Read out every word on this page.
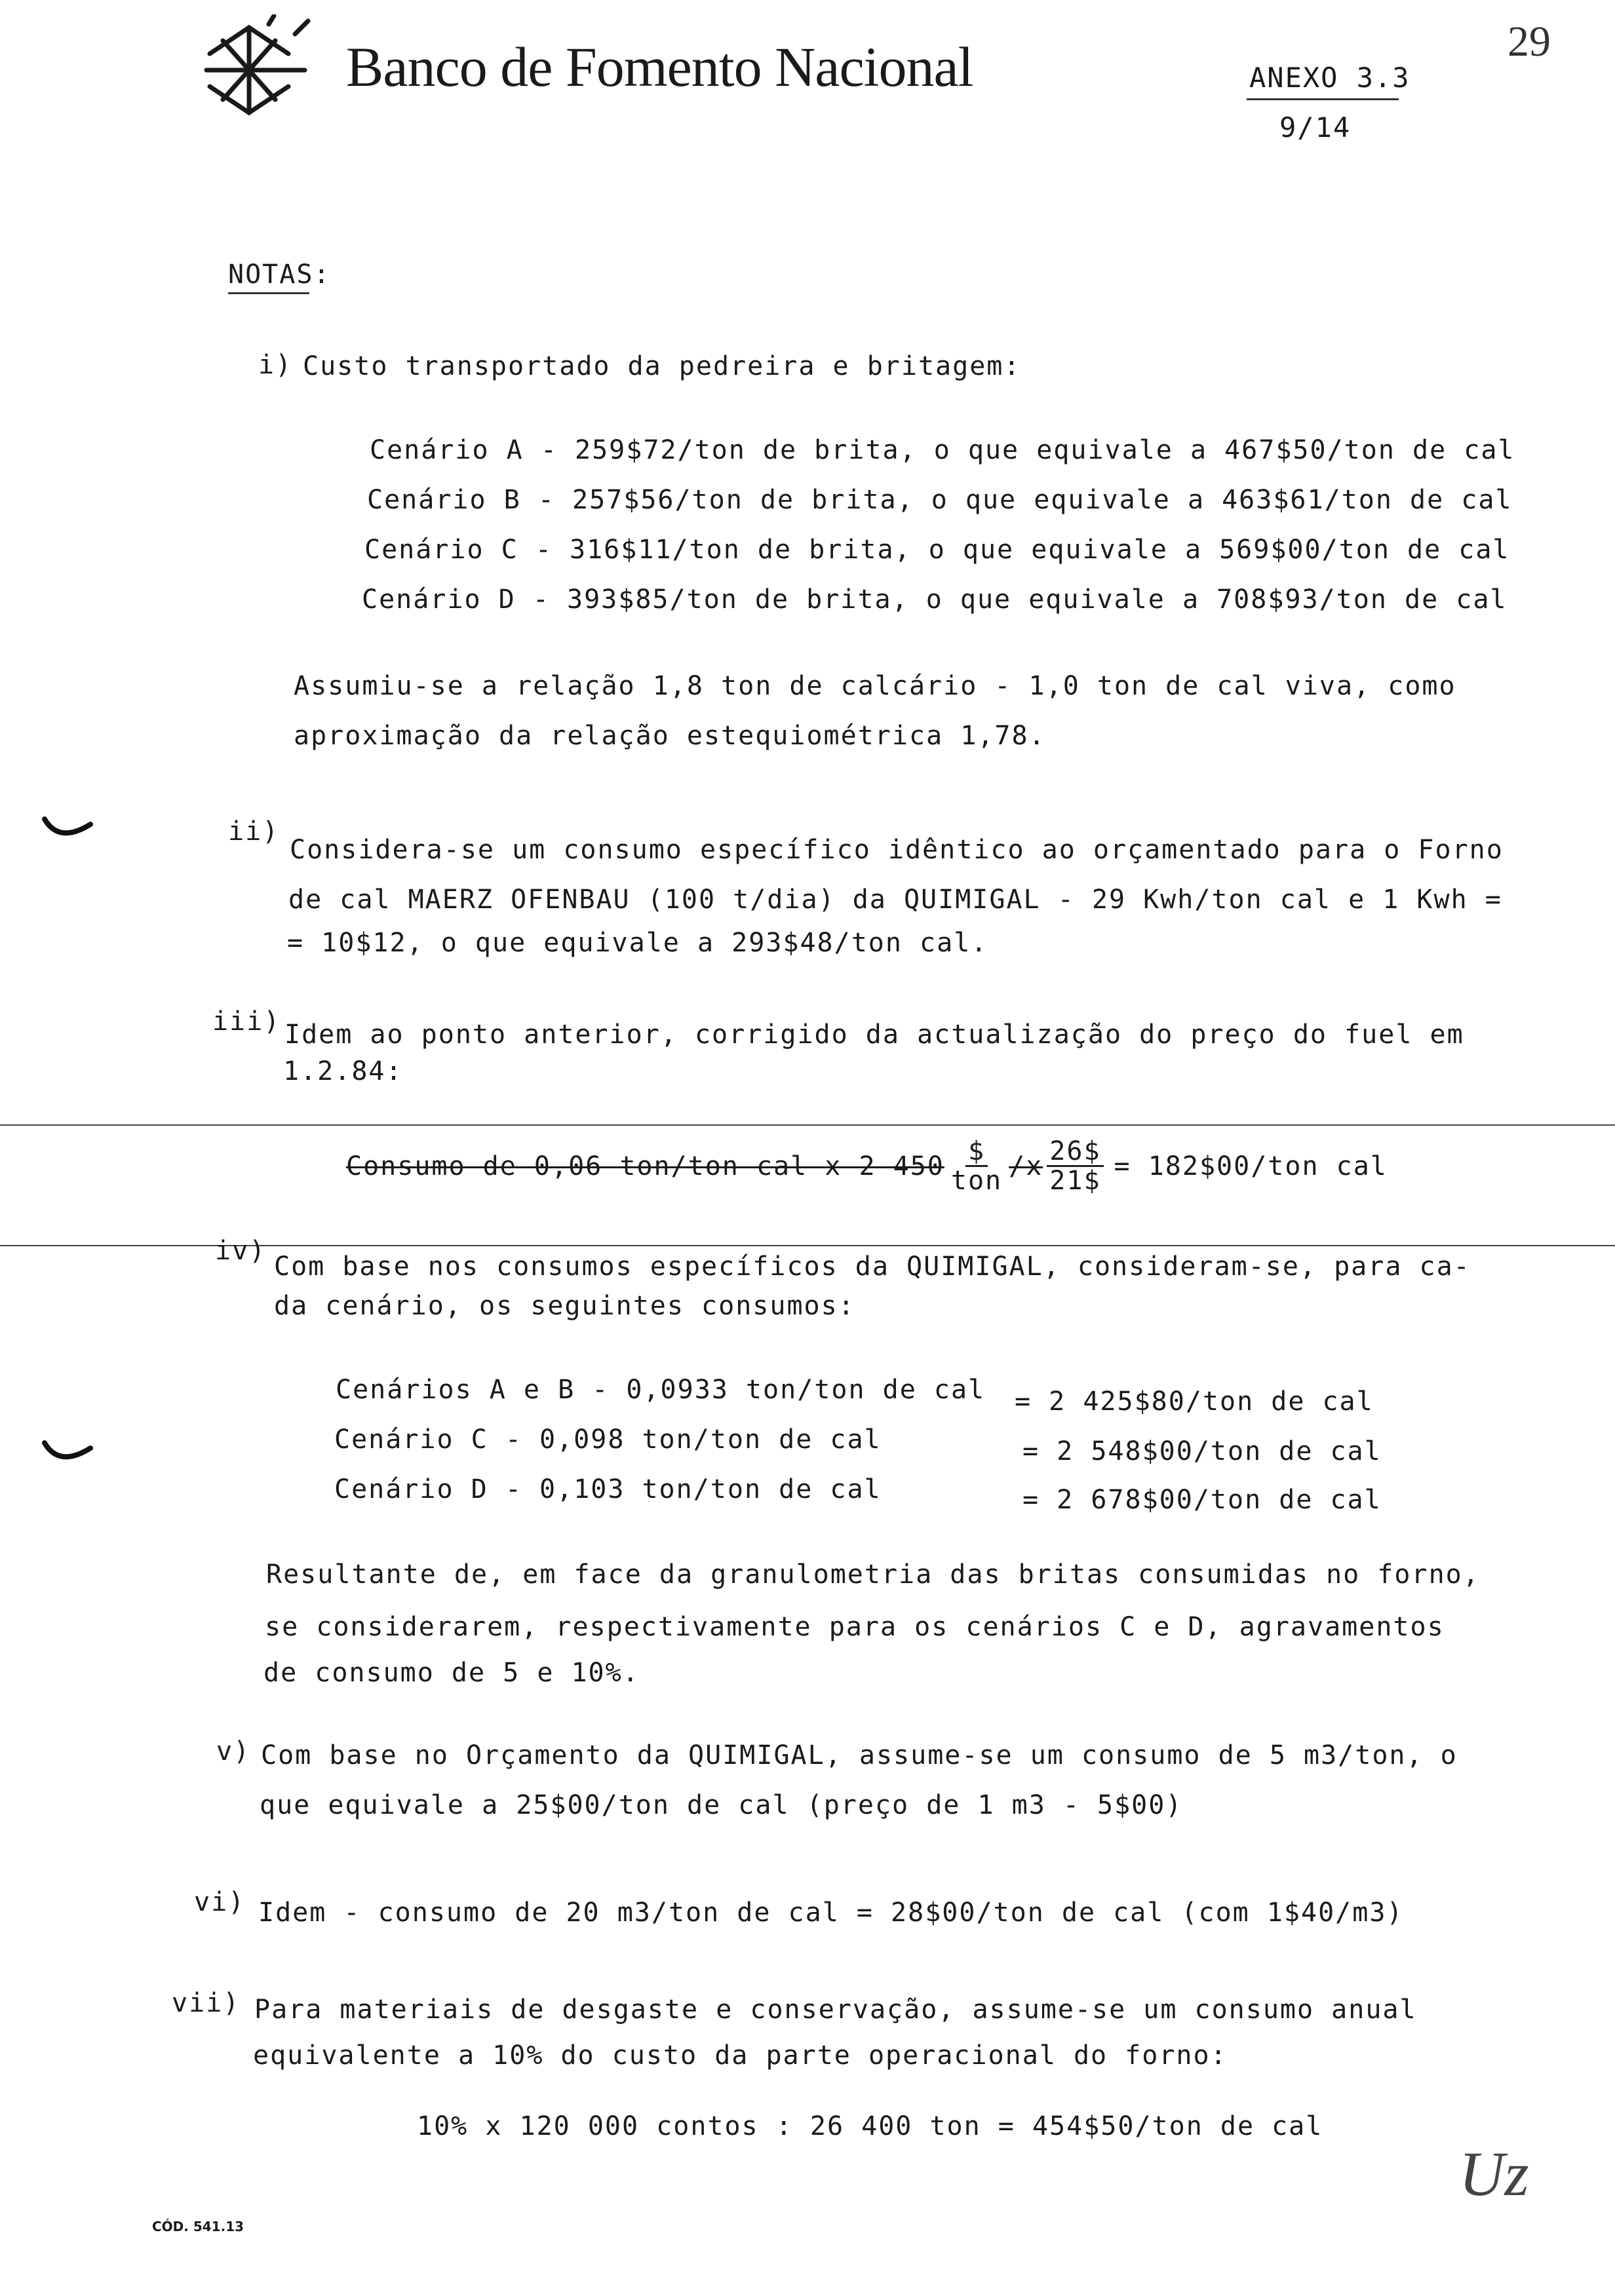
Banco de Fomento Nacional	ANEXO 3.3
9/14
29
NOTAS:
i) Custo transportado da pedreira e britagem:
Cenário A - 259$72/ton de brita, o que equivale a 467$50/ton de cal
Cenário B - 257$56/ton de brita, o que equivale a 463$61/ton de cal
Cenário C - 316$11/ton de brita, o que equivale a 569$00/ton de cal
Cenário D - 393$85/ton de brita, o que equivale a 708$93/ton de cal
Assumiu-se a relação 1,8 ton de calcário - 1,0 ton de cal viva, como
aproximação da relação estequiométrica 1,78.
ii)
Considera-se um consumo específico idêntico ao orçamentado para o Forno
de cal MAERZ OFENBAU (100 t/dia) da QUIMIGAL - 29 Kwh/ton cal e 1 Kwh =
= 10$12, o que equivale a 293$48/ton cal.
iii) Idem ao ponto anterior, corrigido da actualização do preço do fuel em
1.2.84:
Consumo de 0,06 ton/ton cal x 2 $450 \frac{\$}{\text{ton}} /x \frac{26\$}{21\$}$ = 182$00/ton cal
iv)
Com base nos consumos específicos da QUIMIGAL, consideram-se, para ca-
da cenário, os seguintes consumos:
Cenários A e B - 0,0933 ton/ton de cal = 2 425$80/ton de cal
Cenário C - 0,098 ton/ton de cal	= 2 548$00/ton de cal
Cenário D - 0,103 ton/ton de cal	= 2 678$00/ton de cal
Resultante de, em face da granulometria das britas consumidas no forno,
se considerarem, respectivamente para os cenários C e D, agravamentos
de consumo de 5 e 10%.
v) Com base no Orçamento da QUIMIGAL, assume-se um consumo de 5 m3/ton, o
que equivale a 25$00/ton de cal (preço de 1 m3 - 5$00)
vi) Idem - consumo de 20 m3/ton de cal = 28$00/ton de cal (com 1$40/m3)
vii) Para materiais de desgaste e conservação, assume-se um consumo anual
equivalente a 10% do custo da parte operacional do forno:
10% x 120 000 contos : 26 400 ton = 454$50/ton de cal
CÓD. 541.13
Uz
